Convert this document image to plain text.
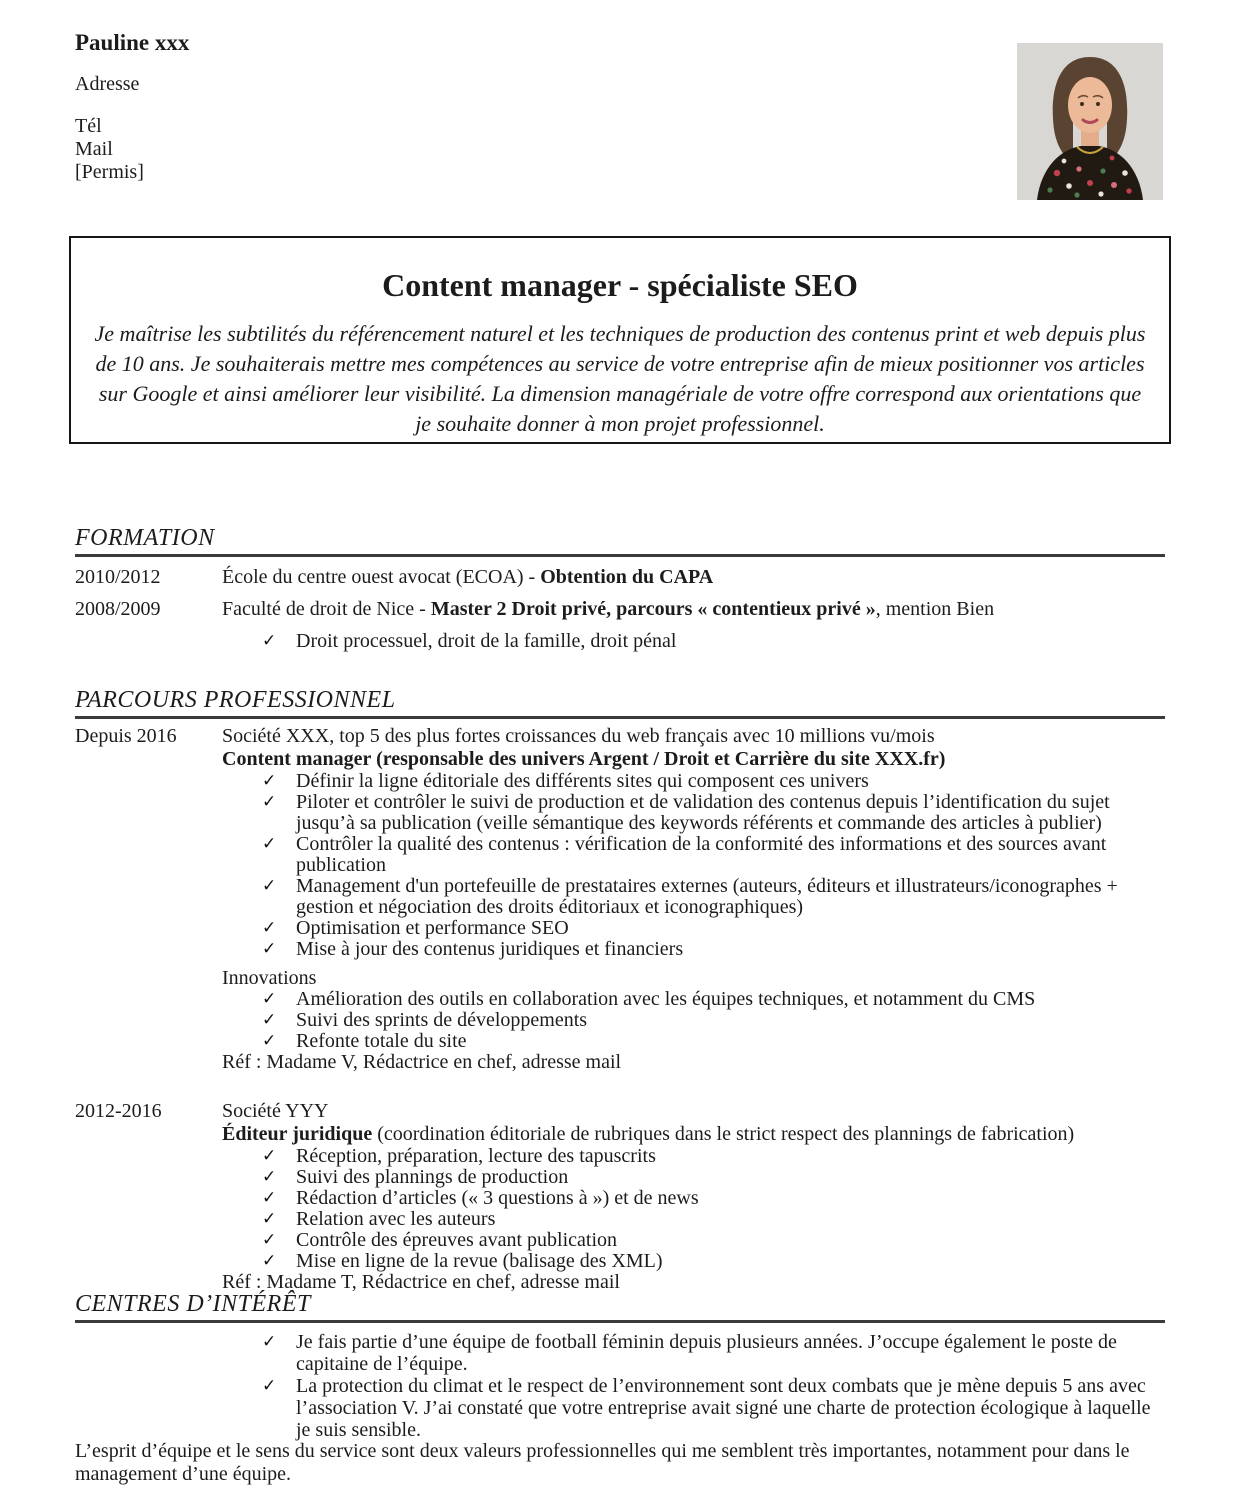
Pauline xxx
Adresse
Tél
Mail
[Permis]
Content manager - spécialiste SEO

Je maîtrise les subtilités du référencement naturel et les techniques de production des contenus print et web depuis plus de 10 ans. Je souhaiterais mettre mes compétences au service de votre entreprise afin de mieux positionner vos articles sur Google et ainsi améliorer leur visibilité. La dimension managériale de votre offre correspond aux orientations que je souhaite donner à mon projet professionnel.

FORMATION
2010/2012	École du centre ouest avocat (ECOA) - Obtention du CAPA
2008/2009	Faculté de droit de Nice - Master 2 Droit privé, parcours « contentieux privé », mention Bien
✓ Droit processuel, droit de la famille, droit pénal
PARCOURS PROFESSIONNEL
Depuis 2016	Société XXX, top 5 des plus fortes croissances du web français avec 10 millions vu/mois
Content manager (responsable des univers Argent / Droit et Carrière du site XXX.fr)
✓ Définir la ligne éditoriale des différents sites qui composent ces univers
✓ Piloter et contrôler le suivi de production et de validation des contenus depuis l’identification du sujet jusqu’à sa publication (veille sémantique des keywords référents et commande des articles à publier)
✓ Contrôler la qualité des contenus : vérification de la conformité des informations et des sources avant publication
✓ Management d'un portefeuille de prestataires externes (auteurs, éditeurs et illustrateurs/iconographes + gestion et négociation des droits éditoriaux et iconographiques)
✓ Optimisation et performance SEO
✓ Mise à jour des contenus juridiques et financiers
Innovations
✓ Amélioration des outils en collaboration avec les équipes techniques, et notamment du CMS
✓ Suivi des sprints de développements
✓ Refonte totale du site
Réf : Madame V, Rédactrice en chef, adresse mail
2012-2016	Société YYY
Éditeur juridique (coordination éditoriale de rubriques dans le strict respect des plannings de fabrication)
✓ Réception, préparation, lecture des tapuscrits
✓ Suivi des plannings de production
✓ Rédaction d’articles (« 3 questions à ») et de news
✓ Relation avec les auteurs
✓ Contrôle des épreuves avant publication
✓ Mise en ligne de la revue (balisage des XML)
Réf : Madame T, Rédactrice en chef, adresse mail
CENTRES D’INTÉRÊT
✓ Je fais partie d’une équipe de football féminin depuis plusieurs années. J’occupe également le poste de capitaine de l’équipe.
✓ La protection du climat et le respect de l’environnement sont deux combats que je mène depuis 5 ans avec l’association V. J’ai constaté que votre entreprise avait signé une charte de protection écologique à laquelle je suis sensible.
L’esprit d’équipe et le sens du service sont deux valeurs professionnelles qui me semblent très importantes, notamment pour dans le management d’une équipe.
